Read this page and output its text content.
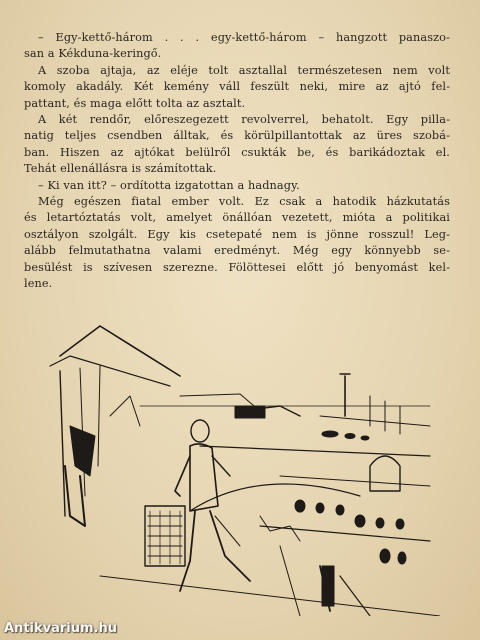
– Egy-kettő-három . . . egy-kettő-három – hangzott panaszo-
san a Kékduna-keringő.
A szoba ajtaja, az eléje tolt asztallal természetesen nem volt
komoly akadály. Két kemény váll feszült neki, mire az ajtó fel-
pattant, és maga előtt tolta az asztalt.
A két rendőr, előreszegezett revolverrel, behatolt. Egy pilla-
natig teljes csendben álltak, és körülpillantottak az üres szobá-
ban. Hiszen az ajtókat belülről csukták be, és barikádoztak el.
Tehát ellenállásra is számítottak.
– Ki van itt? – ordította izgatottan a hadnagy.
Még egészen fiatal ember volt. Ez csak a hatodik házkutatás
és letartóztatás volt, amelyet önállóan vezetett, mióta a politikai
osztályon szolgált. Egy kis csetepaté nem is jönne rosszul! Leg-
alább felmutathatna valami eredményt. Még egy könnyebb se-
besülést is szívesen szerezne. Fölöttesei előtt jó benyomást kel-
lene.
Antikvarium.hu
